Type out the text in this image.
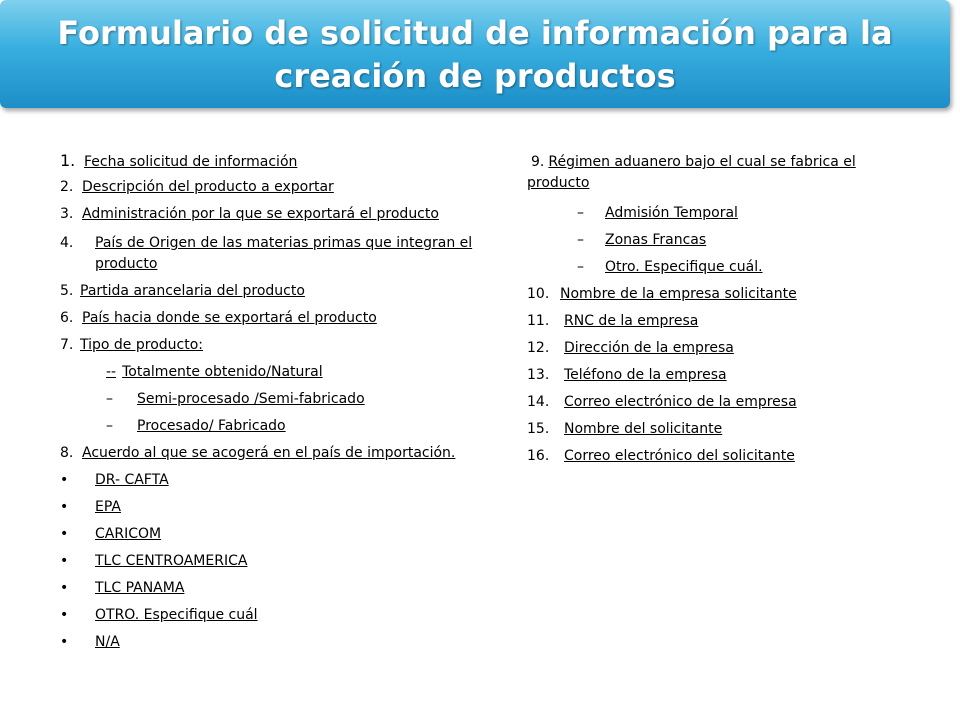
Formulario de solicitud de información para la creación de productos
1. Fecha solicitud de información
2. Descripción del producto a exportar
3. Administración por la que se exportará el producto
4. País de Origen de las materias primas que integran el producto
5. Partida arancelaria del producto
6. País hacia donde se exportará el producto
7. Tipo de producto:
-- Totalmente obtenido/Natural
– Semi-procesado /Semi-fabricado
– Procesado/ Fabricado
8. Acuerdo al que se acogerá en el país de importación.
• DR- CAFTA
• EPA
• CARICOM
• TLC CENTROAMERICA
• TLC PANAMA
• OTRO. Especifique cuál
• N/A
9. Régimen aduanero bajo el cual se fabrica el producto
– Admisión Temporal
– Zonas Francas
– Otro. Especifique cuál.
10. Nombre de la empresa solicitante
11. RNC de la empresa
12. Dirección de la empresa
13. Teléfono de la empresa
14. Correo electrónico de la empresa
15. Nombre del solicitante
16. Correo electrónico del solicitante
